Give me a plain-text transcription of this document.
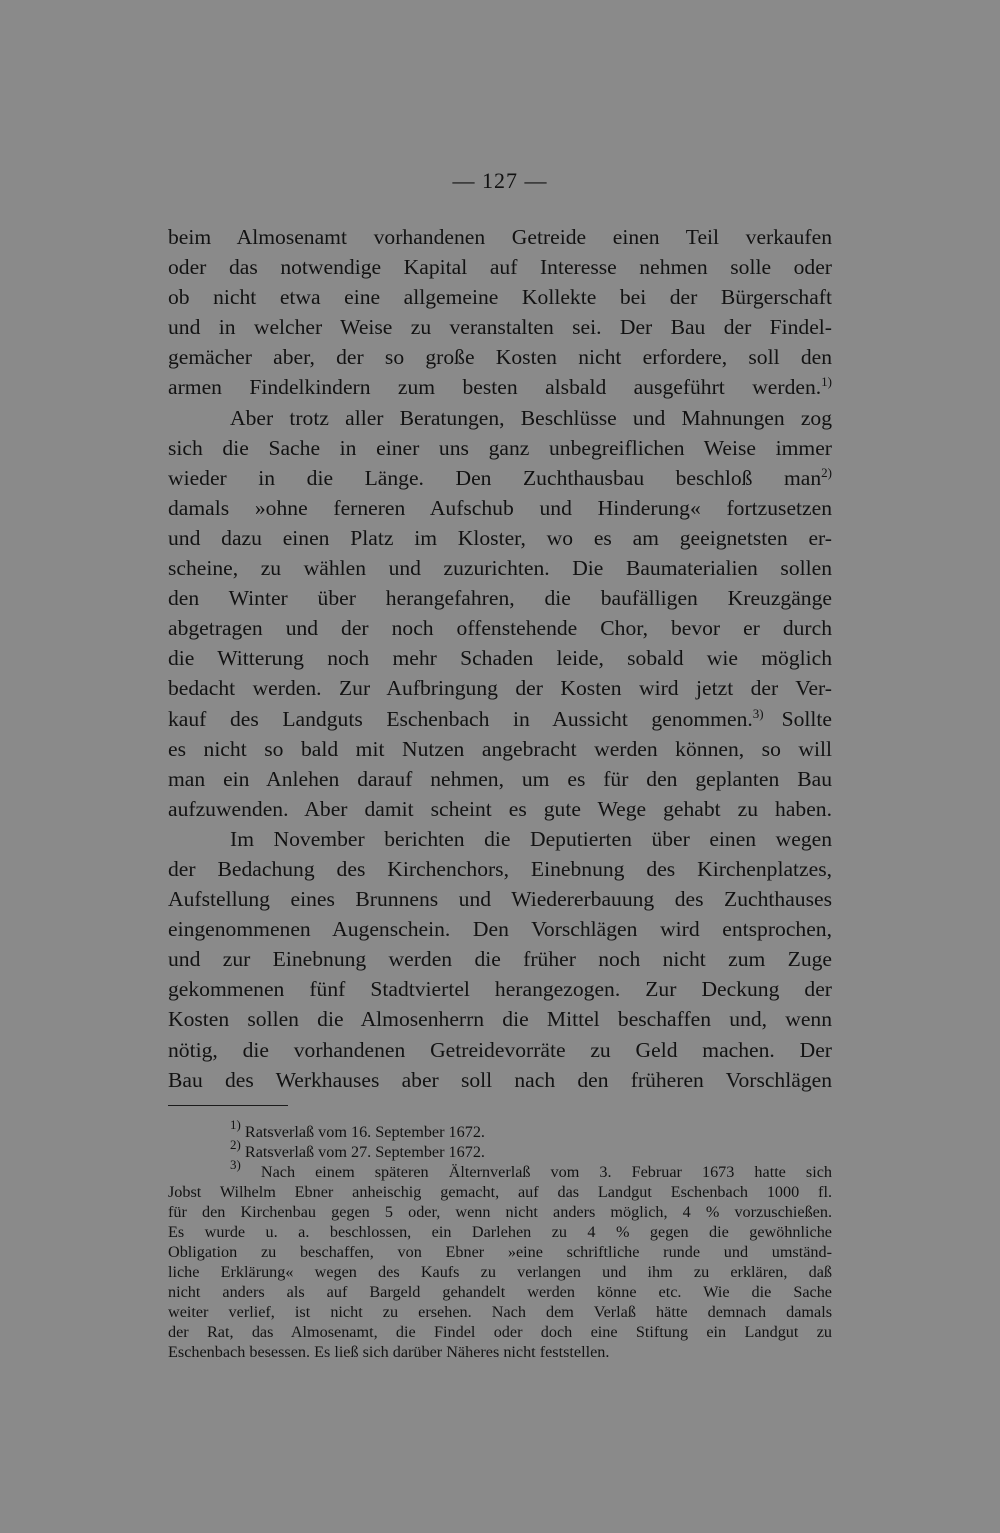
— 127 —
beim Almosenamt vorhandenen Getreide einen Teil verkaufen
oder das notwendige Kapital auf Interesse nehmen solle oder
ob nicht etwa eine allgemeine Kollekte bei der Bürgerschaft
und in welcher Weise zu veranstalten sei. Der Bau der Findel-
gemächer aber, der so große Kosten nicht erfordere, soll den
armen Findelkindern zum besten alsbald ausgeführt werden.$^{1)}$
Aber trotz aller Beratungen, Beschlüsse und Mahnungen zog
sich die Sache in einer uns ganz unbegreiflichen Weise immer
wieder in die Länge. Den Zuchthausbau beschloß man$^{2)}$
damals »ohne ferneren Aufschub und Hinderung« fortzusetzen
und dazu einen Platz im Kloster, wo es am geeignetsten er-
scheine, zu wählen und zuzurichten. Die Baumaterialien sollen
den Winter über herangefahren, die baufälligen Kreuzgänge
abgetragen und der noch offenstehende Chor, bevor er durch
die Witterung noch mehr Schaden leide, sobald wie möglich
bedacht werden. Zur Aufbringung der Kosten wird jetzt der Ver-
kauf des Landguts Eschenbach in Aussicht genommen.$^{3)}$ Sollte
es nicht so bald mit Nutzen angebracht werden können, so will
man ein Anlehen darauf nehmen, um es für den geplanten Bau
aufzuwenden. Aber damit scheint es gute Wege gehabt zu haben.
Im November berichten die Deputierten über einen wegen
der Bedachung des Kirchenchors, Einebnung des Kirchenplatzes,
Aufstellung eines Brunnens und Wiedererbauung des Zuchthauses
eingenommenen Augenschein. Den Vorschlägen wird entsprochen,
und zur Einebnung werden die früher noch nicht zum Zuge
gekommenen fünf Stadtviertel herangezogen. Zur Deckung der
Kosten sollen die Almosenherrn die Mittel beschaffen und, wenn
nötig, die vorhandenen Getreidevorräte zu Geld machen. Der
Bau des Werkhauses aber soll nach den früheren Vorschlägen
$^{1)}$ Ratsverlaß vom 16. September 1672.
$^{2)}$ Ratsverlaß vom 27. September 1672.
$^{3)}$ Nach einem späteren Älternverlaß vom 3. Februar 1673 hatte sich
Jobst Wilhelm Ebner anheischig gemacht, auf das Landgut Eschenbach 1000 fl.
für den Kirchenbau gegen 5 oder, wenn nicht anders möglich, 4 % vorzuschießen.
Es wurde u. a. beschlossen, ein Darlehen zu 4 % gegen die gewöhnliche
Obligation zu beschaffen, von Ebner »eine schriftliche runde und umständ-
liche Erklärung« wegen des Kaufs zu verlangen und ihm zu erklären, daß
nicht anders als auf Bargeld gehandelt werden könne etc. Wie die Sache
weiter verlief, ist nicht zu ersehen. Nach dem Verlaß hätte demnach damals
der Rat, das Almosenamt, die Findel oder doch eine Stiftung ein Landgut zu
Eschenbach besessen. Es ließ sich darüber Näheres nicht feststellen.
